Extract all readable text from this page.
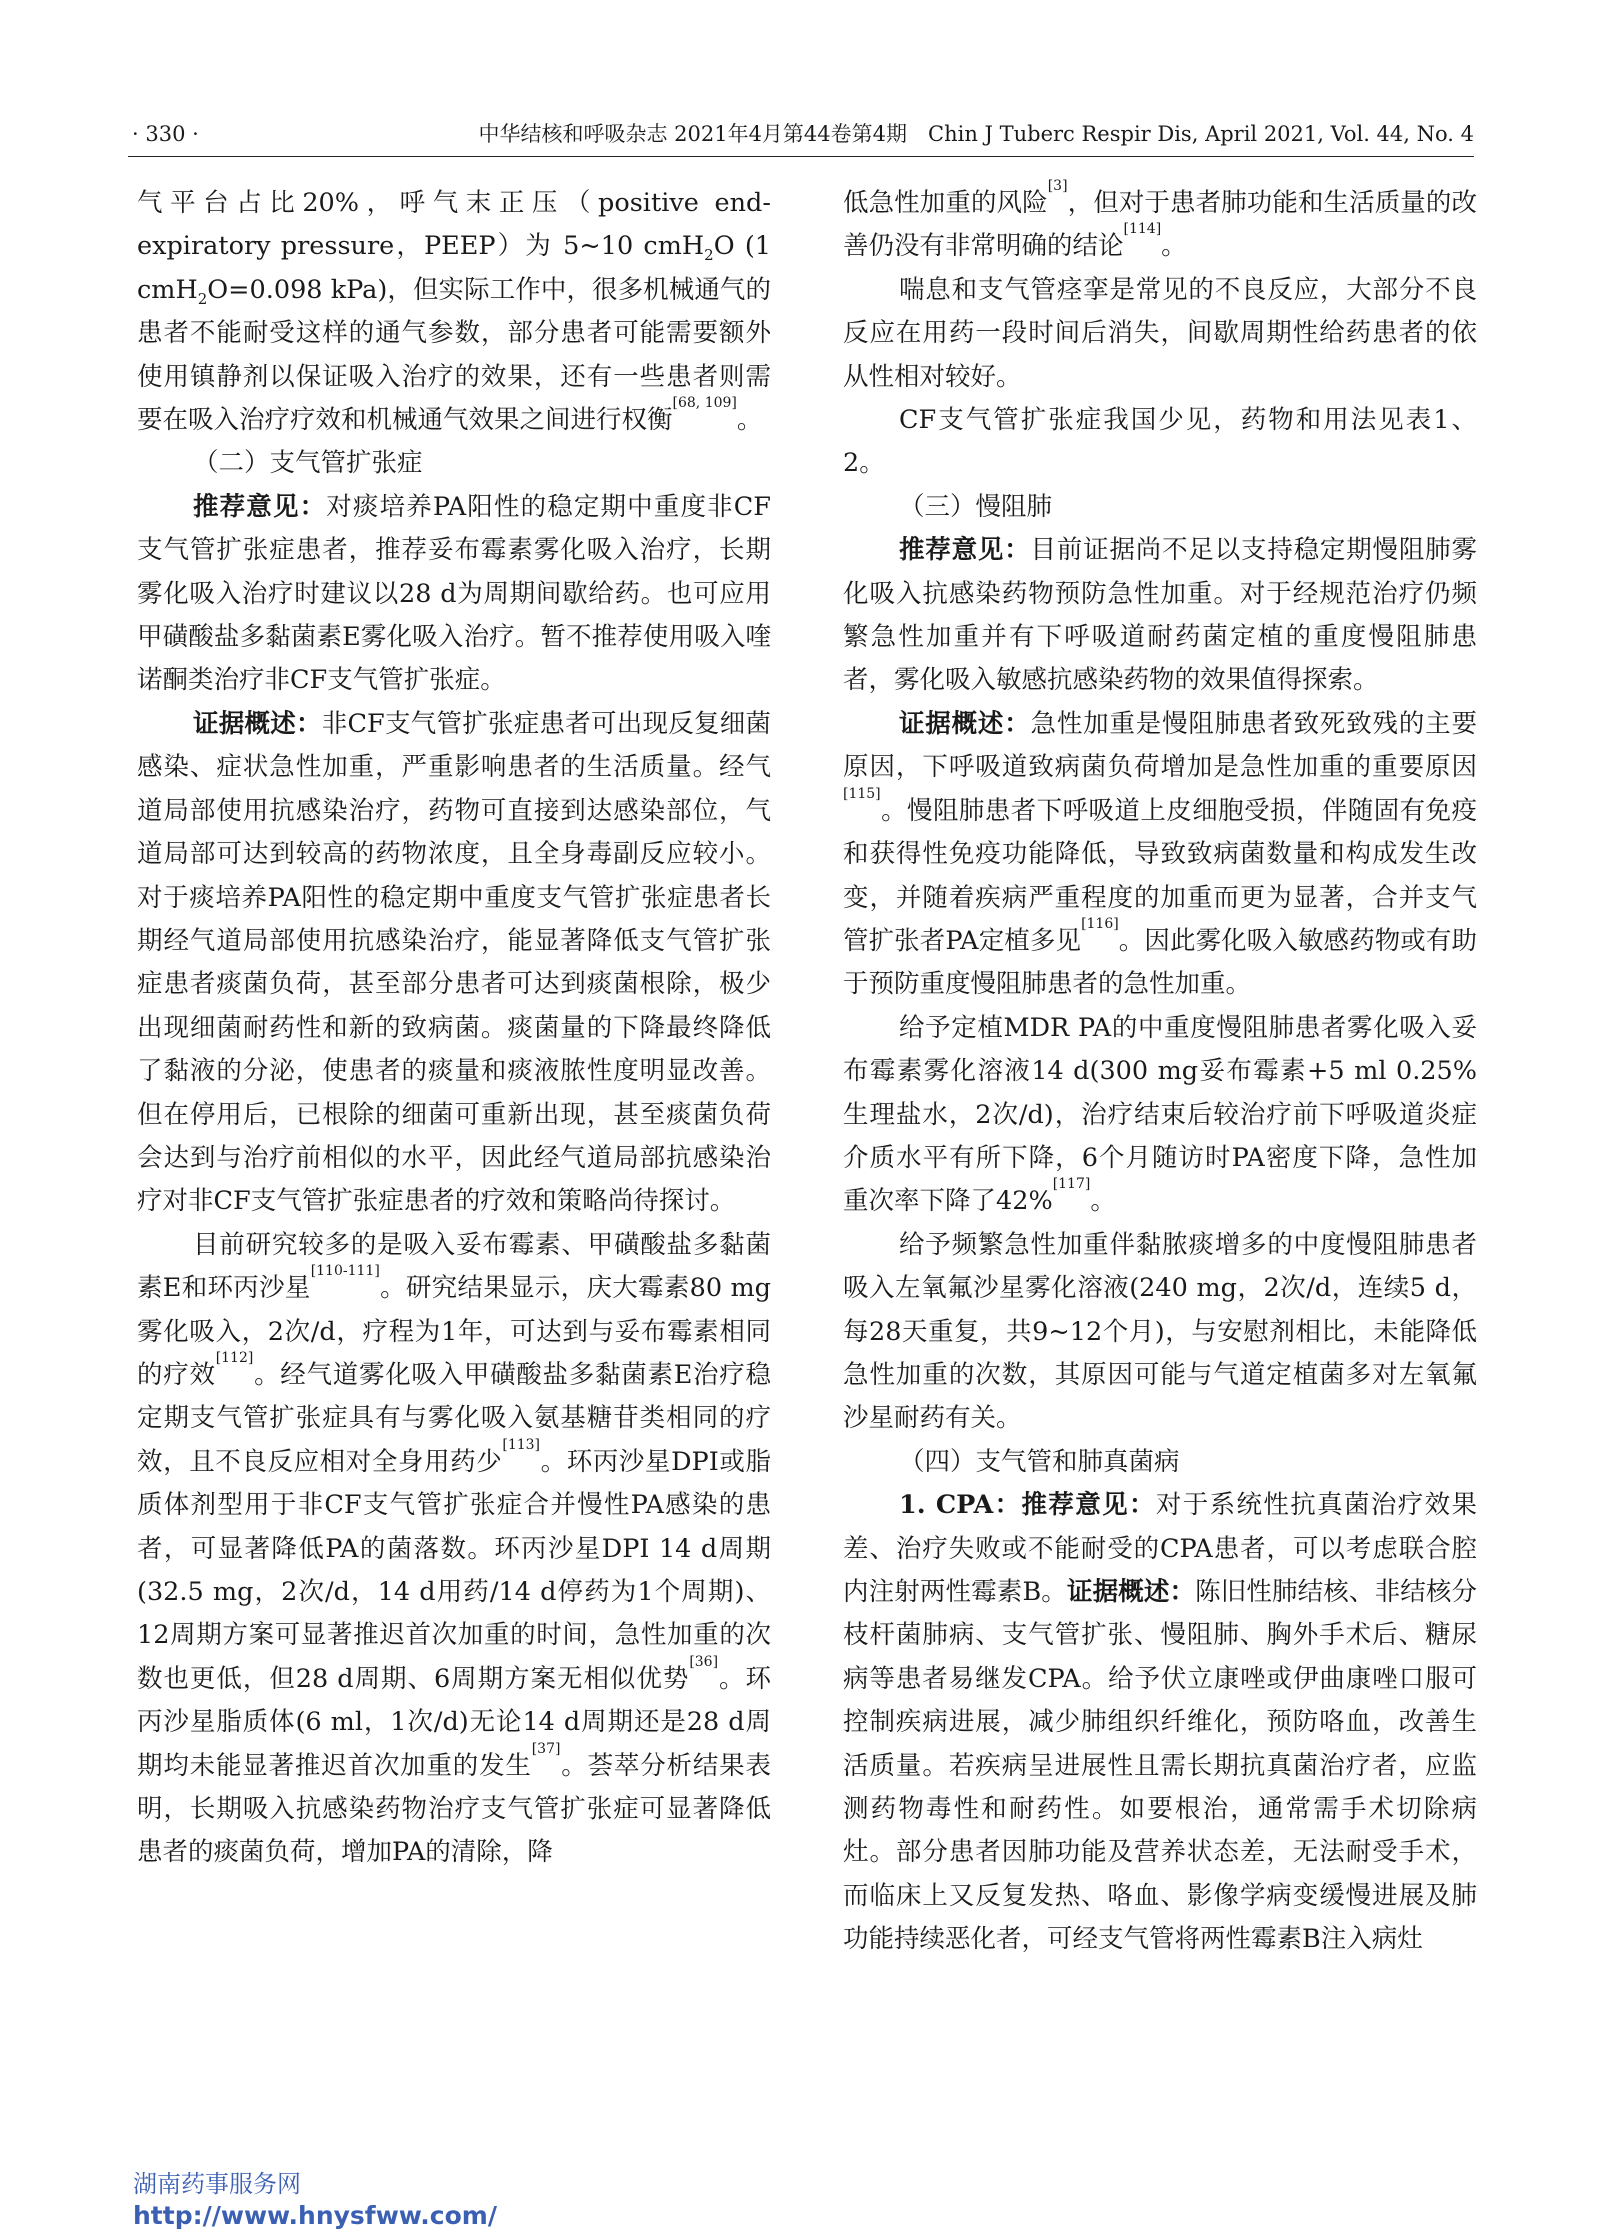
· 330 ·	中华结核和呼吸杂志 2021年4月第44卷第4期　Chin J Tuberc Respir Dis, April 2021, Vol. 44, No. 4

气平台占比20%，呼气末正压（positive end-expiratory pressure，PEEP）为 5~10 cmH$_2$O (1 cmH$_2$O=0.098 kPa)，但实际工作中，很多机械通气的患者不能耐受这样的通气参数，部分患者可能需要额外使用镇静剂以保证吸入治疗的效果，还有一些患者则需要在吸入治疗疗效和机械通气效果之间进行权衡[68, 109]。

（二）支气管扩张症

推荐意见：对痰培养PA阳性的稳定期中重度非CF支气管扩张症患者，推荐妥布霉素雾化吸入治疗，长期雾化吸入治疗时建议以28 d为周期间歇给药。也可应用甲磺酸盐多黏菌素E雾化吸入治疗。暂不推荐使用吸入喹诺酮类治疗非CF支气管扩张症。

证据概述：非CF支气管扩张症患者可出现反复细菌感染、症状急性加重，严重影响患者的生活质量。经气道局部使用抗感染治疗，药物可直接到达感染部位，气道局部可达到较高的药物浓度，且全身毒副反应较小。对于痰培养PA阳性的稳定期中重度支气管扩张症患者长期经气道局部使用抗感染治疗，能显著降低支气管扩张症患者痰菌负荷，甚至部分患者可达到痰菌根除，极少出现细菌耐药性和新的致病菌。痰菌量的下降最终降低了黏液的分泌，使患者的痰量和痰液脓性度明显改善。但在停用后，已根除的细菌可重新出现，甚至痰菌负荷会达到与治疗前相似的水平，因此经气道局部抗感染治疗对非CF支气管扩张症患者的疗效和策略尚待探讨。

目前研究较多的是吸入妥布霉素、甲磺酸盐多黏菌素E和环丙沙星[110-111]。研究结果显示，庆大霉素80 mg雾化吸入，2次/d，疗程为1年，可达到与妥布霉素相同的疗效[112]。经气道雾化吸入甲磺酸盐多黏菌素E治疗稳定期支气管扩张症具有与雾化吸入氨基糖苷类相同的疗效，且不良反应相对全身用药少[113]。环丙沙星DPI或脂质体剂型用于非CF支气管扩张症合并慢性PA感染的患者，可显著降低PA的菌落数。环丙沙星DPI 14 d周期(32.5 mg，2次/d，14 d用药/14 d停药为1个周期)、12周期方案可显著推迟首次加重的时间，急性加重的次数也更低，但28 d周期、6周期方案无相似优势[36]。环丙沙星脂质体(6 ml，1次/d)无论14 d周期还是28 d周期均未能显著推迟首次加重的发生[37]。荟萃分析结果表明，长期吸入抗感染药物治疗支气管扩张症可显著降低患者的痰菌负荷，增加PA的清除，降

低急性加重的风险[3]，但对于患者肺功能和生活质量的改善仍没有非常明确的结论[114]。

喘息和支气管痉挛是常见的不良反应，大部分不良反应在用药一段时间后消失，间歇周期性给药患者的依从性相对较好。

CF支气管扩张症我国少见，药物和用法见表1、2。

（三）慢阻肺

推荐意见：目前证据尚不足以支持稳定期慢阻肺雾化吸入抗感染药物预防急性加重。对于经规范治疗仍频繁急性加重并有下呼吸道耐药菌定植的重度慢阻肺患者，雾化吸入敏感抗感染药物的效果值得探索。

证据概述：急性加重是慢阻肺患者致死致残的主要原因，下呼吸道致病菌负荷增加是急性加重的重要原因[115]。慢阻肺患者下呼吸道上皮细胞受损，伴随固有免疫和获得性免疫功能降低，导致致病菌数量和构成发生改变，并随着疾病严重程度的加重而更为显著，合并支气管扩张者PA定植多见[116]。因此雾化吸入敏感药物或有助于预防重度慢阻肺患者的急性加重。

给予定植MDR PA的中重度慢阻肺患者雾化吸入妥布霉素雾化溶液14 d(300 mg妥布霉素+5 ml 0.25%生理盐水，2次/d)，治疗结束后较治疗前下呼吸道炎症介质水平有所下降，6个月随访时PA密度下降，急性加重次率下降了42%[117]。

给予频繁急性加重伴黏脓痰增多的中度慢阻肺患者吸入左氧氟沙星雾化溶液(240 mg，2次/d，连续5 d，每28天重复，共9~12个月)，与安慰剂相比，未能降低急性加重的次数，其原因可能与气道定植菌多对左氧氟沙星耐药有关。

（四）支气管和肺真菌病

1. CPA：推荐意见：对于系统性抗真菌治疗效果差、治疗失败或不能耐受的CPA患者，可以考虑联合腔内注射两性霉素B。证据概述：陈旧性肺结核、非结核分枝杆菌肺病、支气管扩张、慢阻肺、胸外手术后、糖尿病等患者易继发CPA。给予伏立康唑或伊曲康唑口服可控制疾病进展，减少肺组织纤维化，预防咯血，改善生活质量。若疾病呈进展性且需长期抗真菌治疗者，应监测药物毒性和耐药性。如要根治，通常需手术切除病灶。部分患者因肺功能及营养状态差，无法耐受手术，而临床上又反复发热、咯血、影像学病变缓慢进展及肺功能持续恶化者，可经支气管将两性霉素B注入病灶

湖南药事服务网
http://www.hnysfww.com/
